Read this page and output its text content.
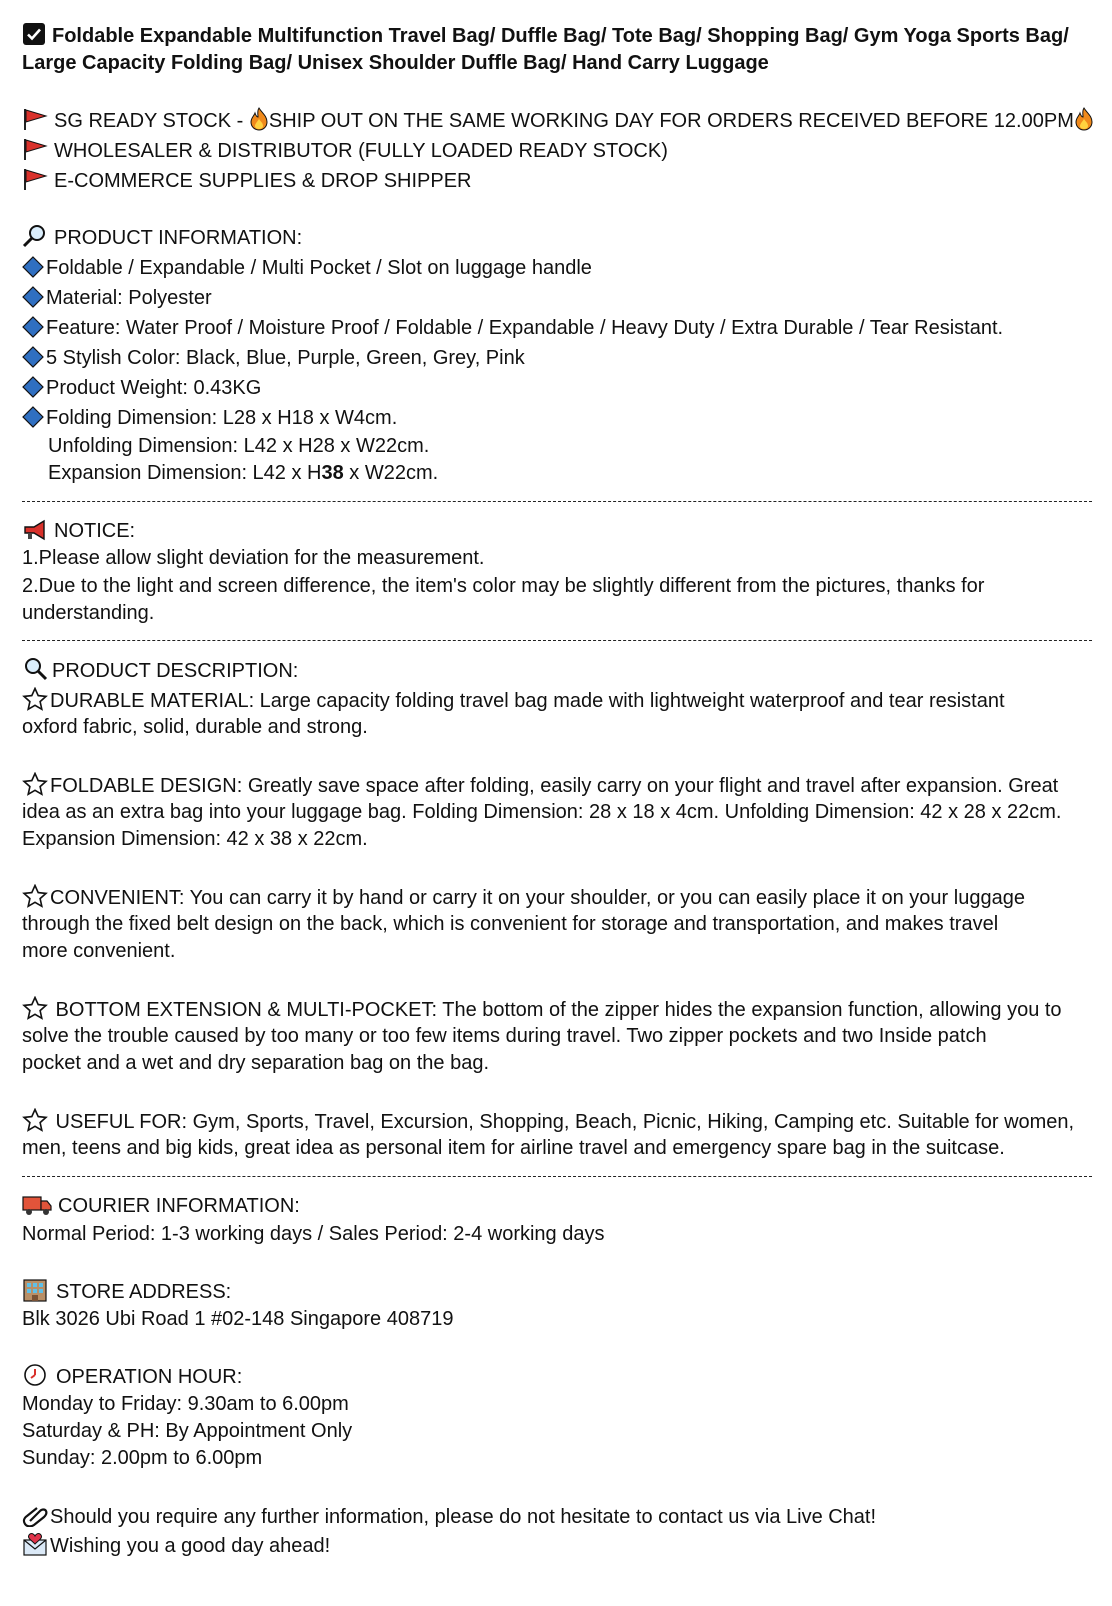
Foldable Expandable Multifunction Travel Bag/ Duffle Bag/ Tote Bag/ Shopping Bag/ Gym Yoga Sports Bag/
Large Capacity Folding Bag/ Unisex Shoulder Duffle Bag/ Hand Carry Luggage
SG READY STOCK - SHIP OUT ON THE SAME WORKING DAY FOR ORDERS RECEIVED BEFORE 12.00PM
WHOLESALER & DISTRIBUTOR (FULLY LOADED READY STOCK)
E-COMMERCE SUPPLIES & DROP SHIPPER
PRODUCT INFORMATION:
Foldable / Expandable / Multi Pocket / Slot on luggage handle
Material: Polyester
Feature: Water Proof / Moisture Proof / Foldable / Expandable / Heavy Duty / Extra Durable / Tear Resistant.
5 Stylish Color: Black, Blue, Purple, Green, Grey, Pink
Product Weight: 0.43KG
Folding Dimension: L28 x H18 x W4cm.
Unfolding Dimension: L42 x H28 x W22cm.
Expansion Dimension: L42 x H38 x W22cm.
NOTICE:
1.Please allow slight deviation for the measurement.
2.Due to the light and screen difference, the item's color may be slightly different from the pictures, thanks for
understanding.
PRODUCT DESCRIPTION:
DURABLE MATERIAL: Large capacity folding travel bag made with lightweight waterproof and tear resistant
oxford fabric, solid, durable and strong.
FOLDABLE DESIGN: Greatly save space after folding, easily carry on your flight and travel after expansion. Great
idea as an extra bag into your luggage bag. Folding Dimension: 28 x 18 x 4cm. Unfolding Dimension: 42 x 28 x 22cm.
Expansion Dimension: 42 x 38 x 22cm.
CONVENIENT: You can carry it by hand or carry it on your shoulder, or you can easily place it on your luggage
through the fixed belt design on the back, which is convenient for storage and transportation, and makes travel
more convenient.
BOTTOM EXTENSION & MULTI-POCKET: The bottom of the zipper hides the expansion function, allowing you to
solve the trouble caused by too many or too few items during travel. Two zipper pockets and two Inside patch
pocket and a wet and dry separation bag on the bag.
USEFUL FOR: Gym, Sports, Travel, Excursion, Shopping, Beach, Picnic, Hiking, Camping etc. Suitable for women,
men, teens and big kids, great idea as personal item for airline travel and emergency spare bag in the suitcase.
COURIER INFORMATION:
Normal Period: 1-3 working days / Sales Period: 2-4 working days
STORE ADDRESS:
Blk 3026 Ubi Road 1 #02-148 Singapore 408719
OPERATION HOUR:
Monday to Friday: 9.30am to 6.00pm
Saturday & PH: By Appointment Only
Sunday: 2.00pm to 6.00pm
Should you require any further information, please do not hesitate to contact us via Live Chat!
Wishing you a good day ahead!
